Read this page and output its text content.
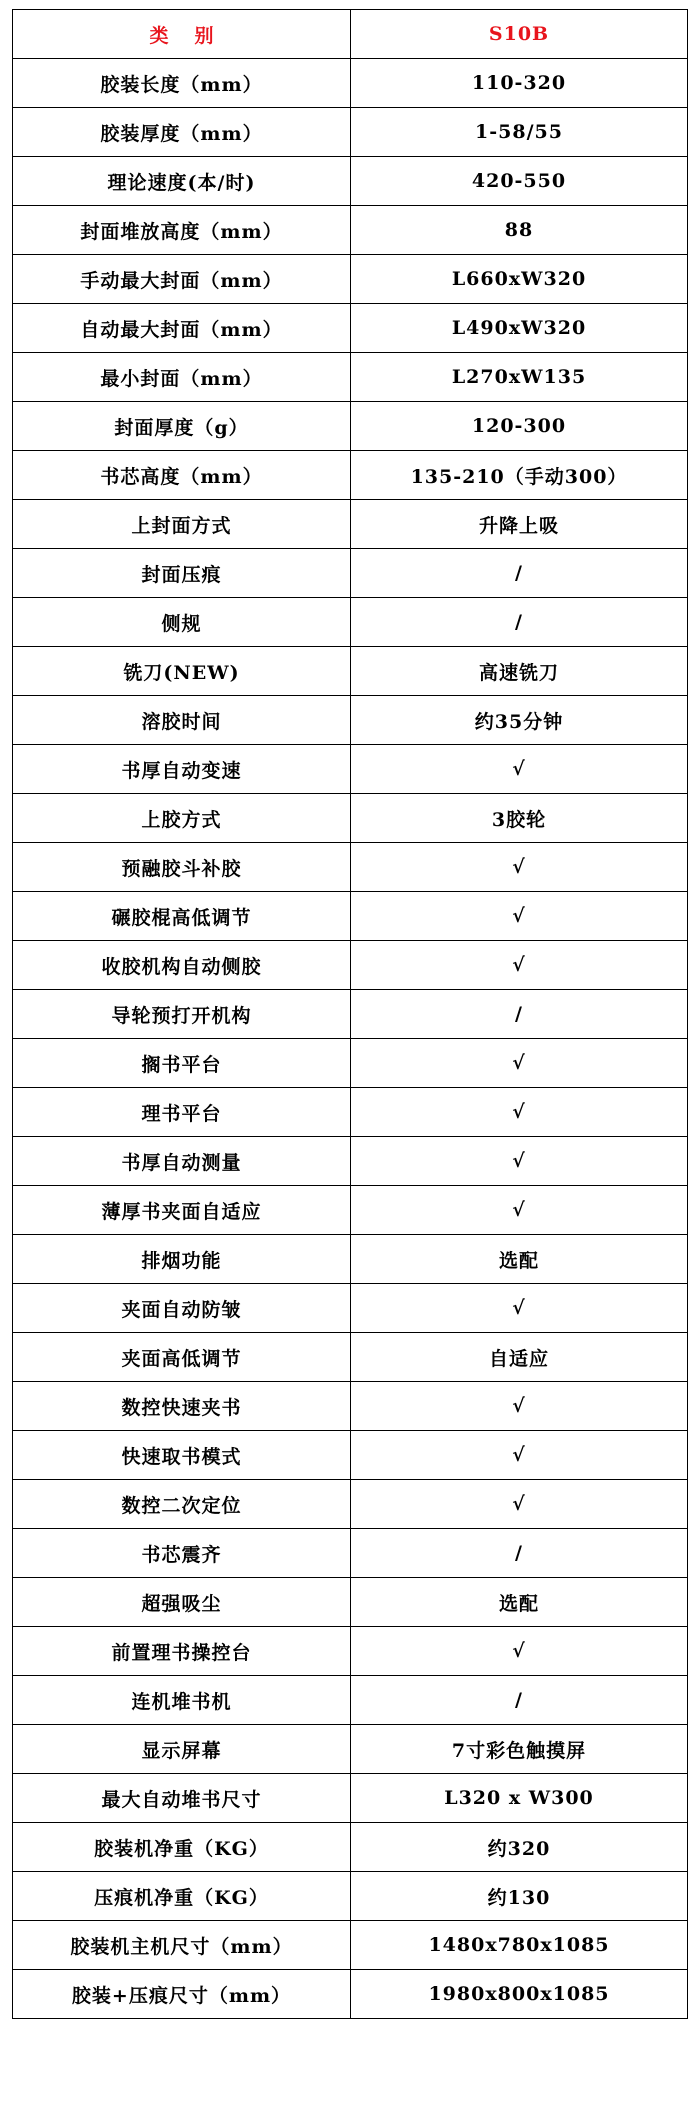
类别	S10B
胶装长度（mm）	110-320
胶装厚度（mm）	1-58/55
理论速度(本/时)	420-550
封面堆放高度（mm）	88
手动最大封面（mm）	L660xW320
自动最大封面（mm）	L490xW320
最小封面（mm）	L270xW135
封面厚度（g）	120-300
书芯高度（mm）	135-210（手动300）
上封面方式	升降上吸
封面压痕	/
侧规	/
铣刀(NEW)	高速铣刀
溶胶时间	约35分钟
书厚自动变速	√
上胶方式	3胶轮
预融胶斗补胶	√
碾胶棍高低调节	√
收胶机构自动侧胶	√
导轮预打开机构	/
搁书平台	√
理书平台	√
书厚自动测量	√
薄厚书夹面自适应	√
排烟功能	选配
夹面自动防皱	√
夹面高低调节	自适应
数控快速夹书	√
快速取书模式	√
数控二次定位	√
书芯震齐	/
超强吸尘	选配
前置理书操控台	√
连机堆书机	/
显示屏幕	7寸彩色触摸屏
最大自动堆书尺寸	L320 x W300
胶装机净重（KG）	约320
压痕机净重（KG）	约130
胶装机主机尺寸（mm）	1480x780x1085
胶装+压痕尺寸（mm）	1980x800x1085
